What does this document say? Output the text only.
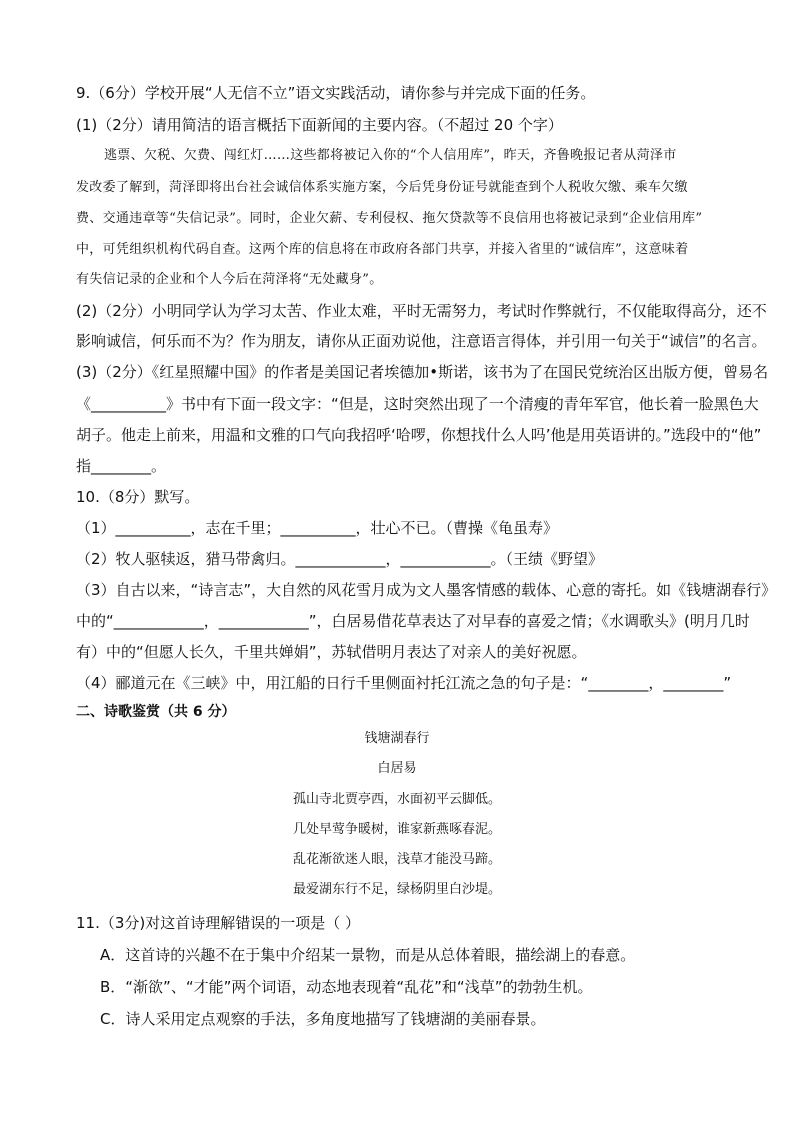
9.（6分）学校开展“人无信不立”语文实践活动，请你参与并完成下面的任务。
(1)（2分）请用简洁的语言概括下面新闻的主要内容。（不超过 20 个字）
逃票、欠税、欠费、闯红灯……这些都将被记入你的“个人信用库”，昨天，齐鲁晚报记者从菏泽市
发改委了解到，菏泽即将出台社会诚信体系实施方案，今后凭身份证号就能查到个人税收欠缴、乘车欠缴
费、交通违章等“失信记录”。同时，企业欠薪、专利侵权、拖欠贷款等不良信用也将被记录到“企业信用库”
中，可凭组织机构代码自查。这两个库的信息将在市政府各部门共享，并接入省里的“诚信库”，这意味着
有失信记录的企业和个人今后在菏泽将“无处藏身”。
(2)（2分）小明同学认为学习太苦、作业太难，平时无需努力，考试时作弊就行，不仅能取得高分，还不
影响诚信，何乐而不为？作为朋友，请你从正面劝说他，注意语言得体，并引用一句关于“诚信”的名言。
(3)（2分）《红星照耀中国》的作者是美国记者埃德加•斯诺，该书为了在国民党统治区出版方便，曾易名
《__________》书中有下面一段文字：“但是，这时突然出现了一个清瘦的青年军官，他长着一脸黑色大
胡子。他走上前来，用温和文雅的口气向我招呼‘哈啰，你想找什么人吗’他是用英语讲的。”选段中的“他”
指________。
10.（8分）默写。
（1）__________，志在千里；__________，壮心不已。（曹操《龟虽寿》
（2）牧人驱犊返，猎马带禽归。____________，____________。（王绩《野望》
（3）自古以来，“诗言志”，大自然的风花雪月成为文人墨客情感的载体、心意的寄托。如《钱塘湖春行》
中的“____________，____________”，白居易借花草表达了对早春的喜爱之情；《水调歌头》(明月几时
有）中的“但愿人长久，千里共婵娟”，苏轼借明月表达了对亲人的美好祝愿。
（4）郦道元在《三峡》中，用江船的日行千里侧面衬托江流之急的句子是：“________，________”
二、诗歌鉴赏（共 6 分）
钱塘湖春行
白居易
孤山寺北贾亭西，水面初平云脚低。
几处早莺争暖树，谁家新燕啄春泥。
乱花渐欲迷人眼，浅草才能没马蹄。
最爱湖东行不足，绿杨阴里白沙堤。
11.（3分)对这首诗理解错误的一项是（ ）
A．这首诗的兴趣不在于集中介绍某一景物，而是从总体着眼，描绘湖上的春意。
B．“渐欲”、“才能”两个词语，动态地表现着“乱花”和“浅草”的勃勃生机。
C．诗人采用定点观察的手法，多角度地描写了钱塘湖的美丽春景。
